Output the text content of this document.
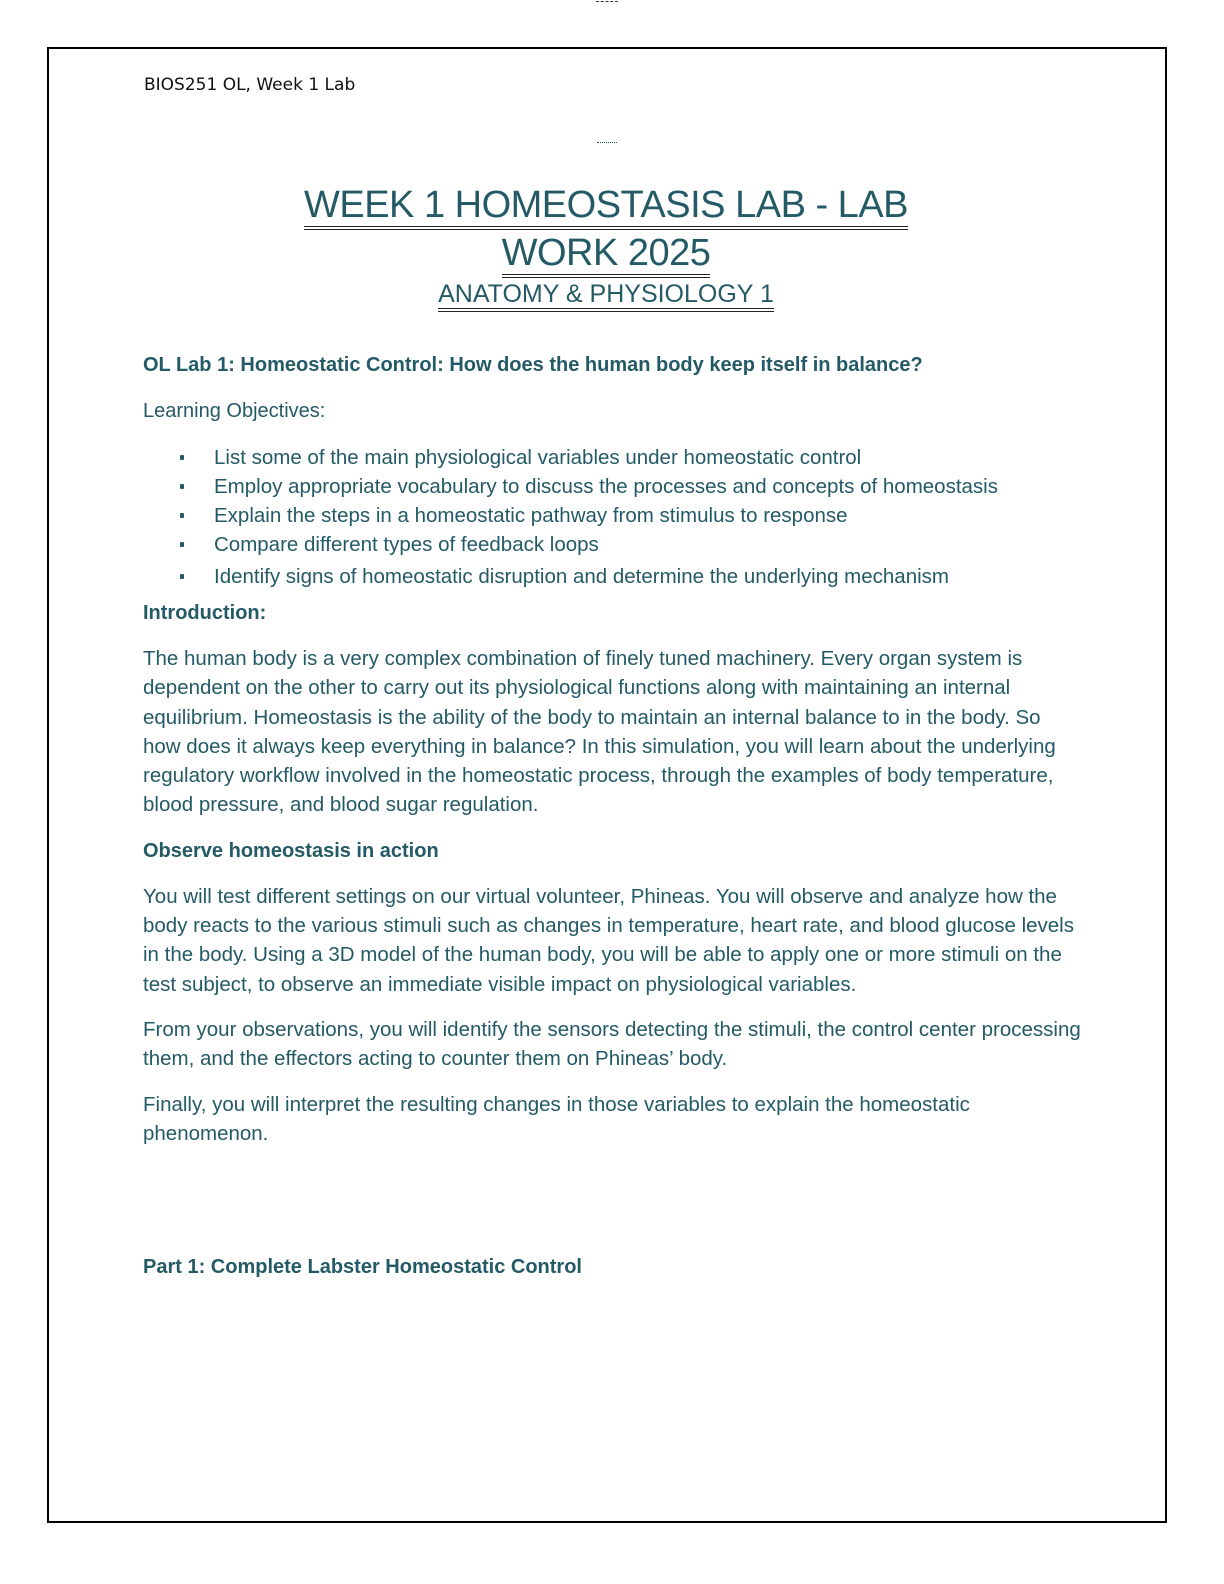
BIOS251 OL, Week 1 Lab
WEEK 1 HOMEOSTASIS LAB - LAB
WORK 2025
ANATOMY & PHYSIOLOGY 1

OL Lab 1: Homeostatic Control: How does the human body keep itself in balance?

Learning Objectives:

List some of the main physiological variables under homeostatic control
Employ appropriate vocabulary to discuss the processes and concepts of homeostasis
Explain the steps in a homeostatic pathway from stimulus to response
Compare different types of feedback loops
Identify signs of homeostatic disruption and determine the underlying mechanism

Introduction:

The human body is a very complex combination of finely tuned machinery. Every organ system is dependent on the other to carry out its physiological functions along with maintaining an internal equilibrium. Homeostasis is the ability of the body to maintain an internal balance to in the body. So how does it always keep everything in balance? In this simulation, you will learn about the underlying regulatory workflow involved in the homeostatic process, through the examples of body temperature, blood pressure, and blood sugar regulation.

Observe homeostasis in action

You will test different settings on our virtual volunteer, Phineas. You will observe and analyze how the body reacts to the various stimuli such as changes in temperature, heart rate, and blood glucose levels in the body. Using a 3D model of the human body, you will be able to apply one or more stimuli on the test subject, to observe an immediate visible impact on physiological variables.

From your observations, you will identify the sensors detecting the stimuli, the control center processing them, and the effectors acting to counter them on Phineas’ body.

Finally, you will interpret the resulting changes in those variables to explain the homeostatic phenomenon.

Part 1: Complete Labster Homeostatic Control
